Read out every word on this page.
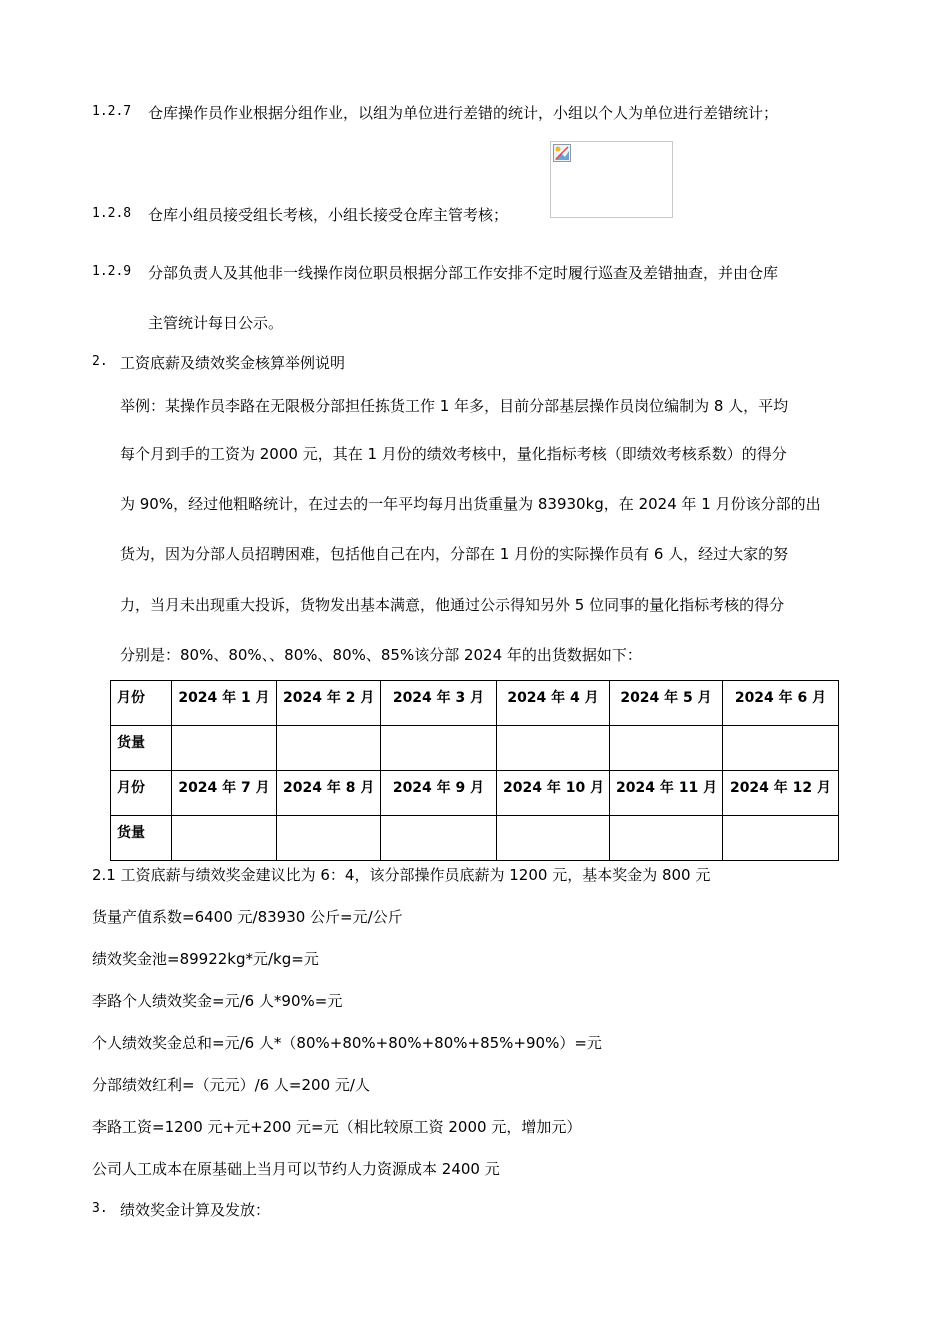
1.2.7 仓库操作员作业根据分组作业，以组为单位进行差错的统计，小组以个人为单位进行差错统计；
1.2.8 仓库小组员接受组长考核，小组长接受仓库主管考核；
1.2.9 分部负责人及其他非一线操作岗位职员根据分部工作安排不定时履行巡查及差错抽查，并由仓库
主管统计每日公示。
2. 工资底薪及绩效奖金核算举例说明
举例：某操作员李路在无限极分部担任拣货工作 1 年多，目前分部基层操作员岗位编制为 8 人，平均
每个月到手的工资为 2000 元，其在 1 月份的绩效考核中，量化指标考核（即绩效考核系数）的得分
为 90%，经过他粗略统计，在过去的一年平均每月出货重量为 83930kg，在 2024 年 1 月份该分部的出
货为，因为分部人员招聘困难，包括他自己在内，分部在 1 月份的实际操作员有 6 人，经过大家的努
力，当月未出现重大投诉，货物发出基本满意，他通过公示得知另外 5 位同事的量化指标考核的得分
分别是：80%、80%、、80%、80%、85%该分部 2024 年的出货数据如下：
月份	2024 年 1 月	2024 年 2 月	2024 年 3 月	2024 年 4 月	2024 年 5 月	2024 年 6 月
货量						
月份	2024 年 7 月	2024 年 8 月	2024 年 9 月	2024 年 10 月	2024 年 11 月	2024 年 12 月
货量						
2.1 工资底薪与绩效奖金建议比为 6：4，该分部操作员底薪为 1200 元，基本奖金为 800 元
货量产值系数=6400 元/83930 公斤=元/公斤
绩效奖金池=89922kg*元/kg=元
李路个人绩效奖金=元/6 人*90%=元
个人绩效奖金总和=元/6 人*（80%+80%+80%+80%+85%+90%）=元
分部绩效红利=（元元）/6 人=200 元/人
李路工资=1200 元+元+200 元=元（相比较原工资 2000 元，增加元）
公司人工成本在原基础上当月可以节约人力资源成本 2400 元
3. 绩效奖金计算及发放：
